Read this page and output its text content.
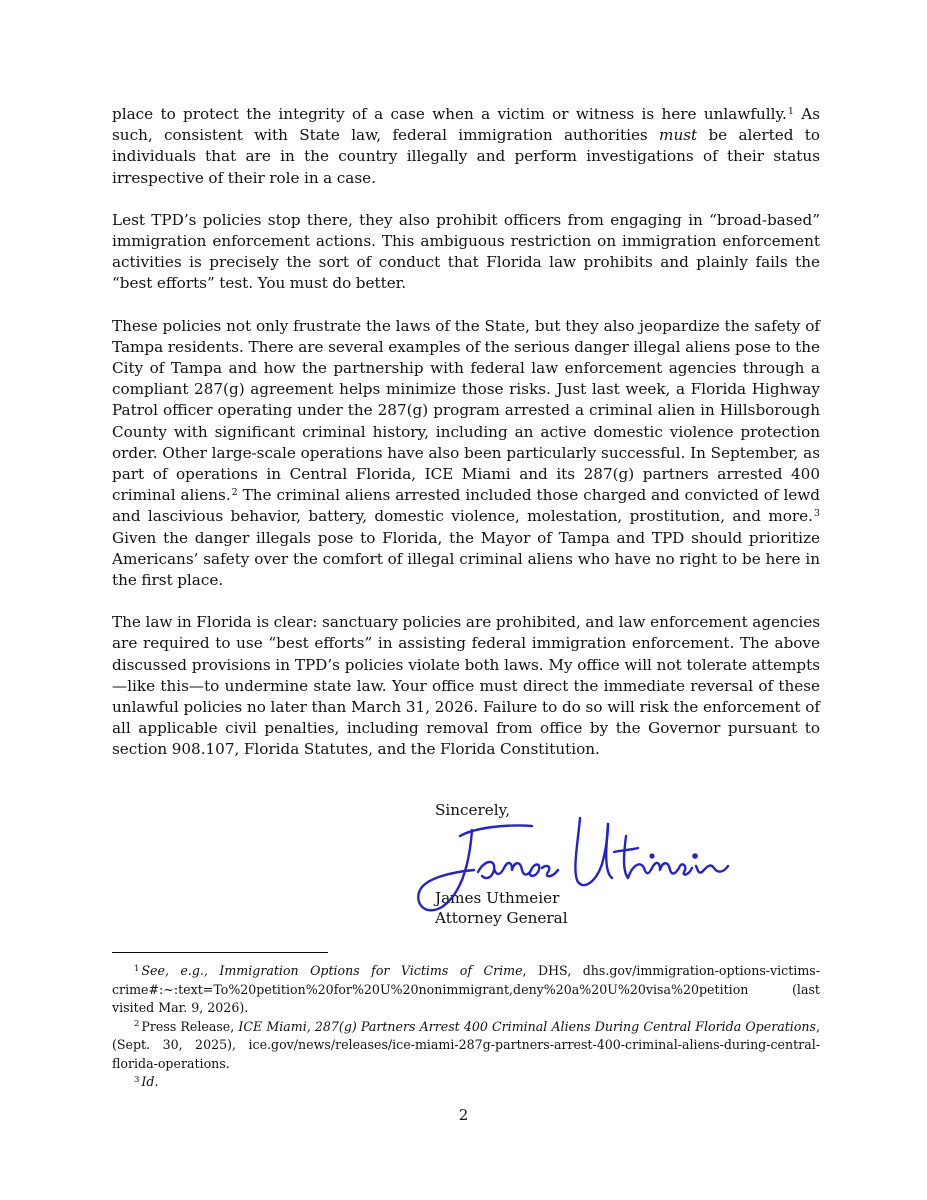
place to protect the integrity of a case when a victim or witness is here unlawfully.$^1$ As such, consistent with State law, federal immigration authorities must be alerted to individuals that are in the country illegally and perform investigations of their status irrespective of their role in a case.

Lest TPD’s policies stop there, they also prohibit officers from engaging in “broad-based” immigration enforcement actions. This ambiguous restriction on immigration enforcement activities is precisely the sort of conduct that Florida law prohibits and plainly fails the “best efforts” test. You must do better.

These policies not only frustrate the laws of the State, but they also jeopardize the safety of Tampa residents. There are several examples of the serious danger illegal aliens pose to the City of Tampa and how the partnership with federal law enforcement agencies through a compliant 287(g) agreement helps minimize those risks. Just last week, a Florida Highway Patrol officer operating under the 287(g) program arrested a criminal alien in Hillsborough County with significant criminal history, including an active domestic violence protection order. Other large-scale operations have also been particularly successful. In September, as part of operations in Central Florida, ICE Miami and its 287(g) partners arrested 400 criminal aliens.$^2$ The criminal aliens arrested included those charged and convicted of lewd and lascivious behavior, battery, domestic violence, molestation, prostitution, and more.$^3$ Given the danger illegals pose to Florida, the Mayor of Tampa and TPD should prioritize Americans’ safety over the comfort of illegal criminal aliens who have no right to be here in the first place.

The law in Florida is clear: sanctuary policies are prohibited, and law enforcement agencies are required to use “best efforts” in assisting federal immigration enforcement. The above discussed provisions in TPD’s policies violate both laws. My office will not tolerate attempts—like this—to undermine state law. Your office must direct the immediate reversal of these unlawful policies no later than March 31, 2026. Failure to do so will risk the enforcement of all applicable civil penalties, including removal from office by the Governor pursuant to section 908.107, Florida Statutes, and the Florida Constitution.

Sincerely,
James Uthmeier
Attorney General

$^1$ See, e.g., Immigration Options for Victims of Crime, DHS, dhs.gov/immigration-options-victims-crime#:~:text=To%20petition%20for%20U%20nonimmigrant,deny%20a%20U%20visa%20petition (last visited Mar. 9, 2026).

$^2$ Press Release, ICE Miami, 287(g) Partners Arrest 400 Criminal Aliens During Central Florida Operations, (Sept. 30, 2025), ice.gov/news/releases/ice-miami-287g-partners-arrest-400-criminal-aliens-during-central-florida-operations.

$^3$ Id.

2
